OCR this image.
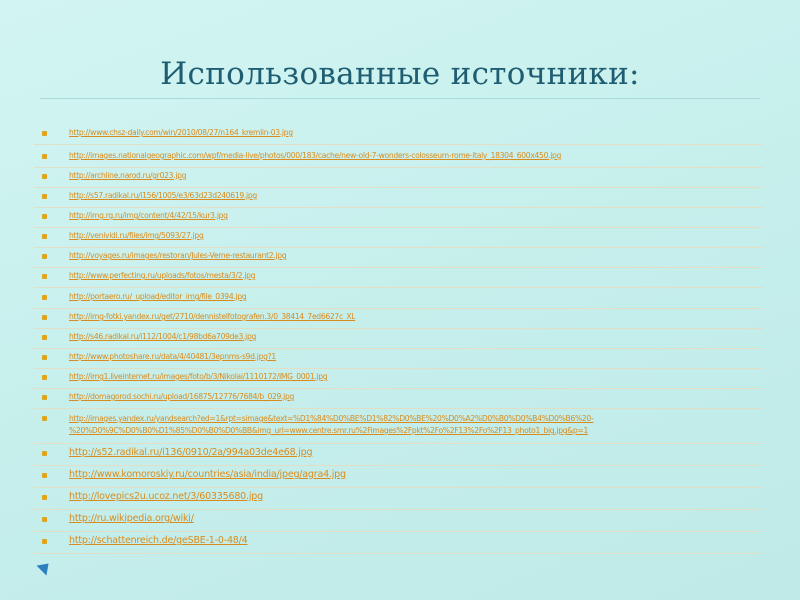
Использованные источники:
http://www.chsz-daily.com/win/2010/08/27/n164_kremlin-03.jpg
http://images.nationalgeographic.com/wpf/media-live/photos/000/183/cache/new-old-7-wonders-colosseum-rome-italy_18304_600x450.jpg
http://archline.narod.ru/gr023.jpg
http://s57.radikal.ru/i156/1005/e3/63d23d240619.jpg
http://img.rg.ru/img/content/4/42/15/kur3.jpg
http://venividi.ru/files/img/5093/27.jpg
http://voyages.ru/images/restoran/Jules-Verne-restaurant2.jpg
http://www.perfecting.ru/uploads/fotos/mesta/3/2.jpg
http://portaero.ru/_upload/editor_img/file_0394.jpg
http://img-fotki.yandex.ru/get/2710/dennistelfotografen.3/0_38414_7ed6627c_XL
http://s46.radikal.ru/i112/1004/c1/98bd6a709de3.jpg
http://www.photoshare.ru/data/4/40481/3epnms-s9d.jpg?1
http://img1.liveinternet.ru/images/foto/b/3/Nikolai/1110172/IMG_0001.jpg
http://domagorod.sochi.ru/upload/16875/12776/7684/b_029.jpg
http://images.yandex.ru/yandsearch?ed=1&rpt=simage&text=%D1%84%D0%BE%D1%82%D0%BE%20%D0%A2%D0%B0%D0%B4%D0%B6%20-%20%D0%9C%D0%B0%D1%85%D0%B0%D0%BB&img_url=www.centre.smr.ru%2Fimages%2Fpkt%2Fo%2F13%2Fo%2F13_photo1_big.jpg&p=1
http://s52.radikal.ru/i136/0910/2a/994a03de4e68.jpg
http://www.komoroskiy.ru/countries/asia/india/jpeg/agra4.jpg
http://lovepics2u.ucoz.net/3/60335680.jpg
http://ru.wikipedia.org/wiki/
http://schattenreich.de/geSBE-1-0-48/4
